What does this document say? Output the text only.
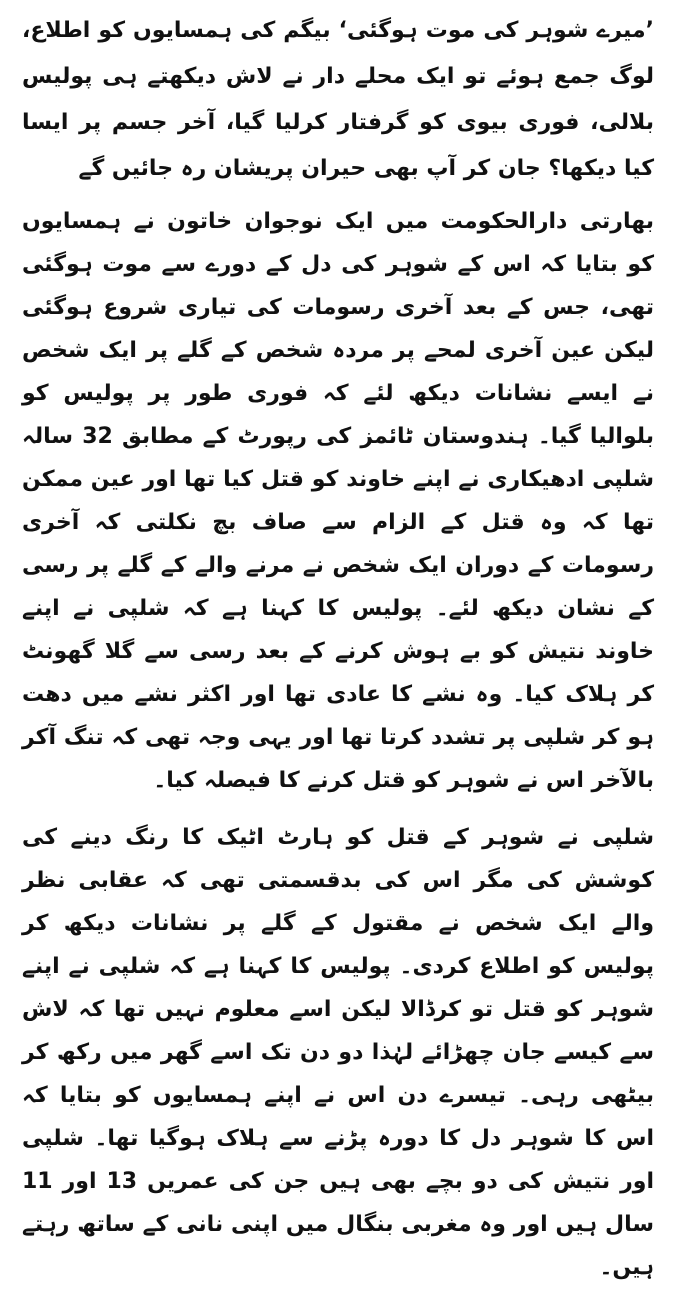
’میرے شوہر کی موت ہوگئی‘ بیگم کی ہمسایوں کو اطلاع، لوگ جمع ہوئے تو ایک محلے دار نے لاش دیکھتے ہی پولیس بلالی، فوری بیوی کو گرفتار کرلیا گیا، آخر جسم پر ایسا کیا دیکھا؟ جان کر آپ بھی حیران پریشان رہ جائیں گے

بھارتی دارالحکومت میں ایک نوجوان خاتون نے ہمسایوں کو بتایا کہ اس کے شوہر کی دل کے دورے سے موت ہوگئی تھی، جس کے بعد آخری رسومات کی تیاری شروع ہوگئی لیکن عین آخری لمحے پر مردہ شخص کے گلے پر ایک شخص نے ایسے نشانات دیکھ لئے کہ فوری طور پر پولیس کو بلوالیا گیا۔ ہندوستان ٹائمز کی رپورٹ کے مطابق 32 سالہ شلپی ادھیکاری نے اپنے خاوند کو قتل کیا تھا اور عین ممکن تھا کہ وہ قتل کے الزام سے صاف بچ نکلتی کہ آخری رسومات کے دوران ایک شخص نے مرنے والے کے گلے پر رسی کے نشان دیکھ لئے۔ پولیس کا کہنا ہے کہ شلپی نے اپنے خاوند نتیش کو بے ہوش کرنے کے بعد رسی سے گلا گھونٹ کر ہلاک کیا۔ وہ نشے کا عادی تھا اور اکثر نشے میں دھت ہو کر شلپی پر تشدد کرتا تھا اور یہی وجہ تھی کہ تنگ آکر بالآخر اس نے شوہر کو قتل کرنے کا فیصلہ کیا۔

شلپی نے شوہر کے قتل کو ہارٹ اٹیک کا رنگ دینے کی کوشش کی مگر اس کی بدقسمتی تھی کہ عقابی نظر والے ایک شخص نے مقتول کے گلے پر نشانات دیکھ کر پولیس کو اطلاع کردی۔ پولیس کا کہنا ہے کہ شلپی نے اپنے شوہر کو قتل تو کرڈالا لیکن اسے معلوم نہیں تھا کہ لاش سے کیسے جان چھڑائے لہٰذا دو دن تک اسے گھر میں رکھ کر بیٹھی رہی۔ تیسرے دن اس نے اپنے ہمسایوں کو بتایا کہ اس کا شوہر دل کا دورہ پڑنے سے ہلاک ہوگیا تھا۔ شلپی اور نتیش کی دو بچے بھی ہیں جن کی عمریں 13 اور 11 سال ہیں اور وہ مغربی بنگال میں اپنی نانی کے ساتھ رہتے ہیں۔
